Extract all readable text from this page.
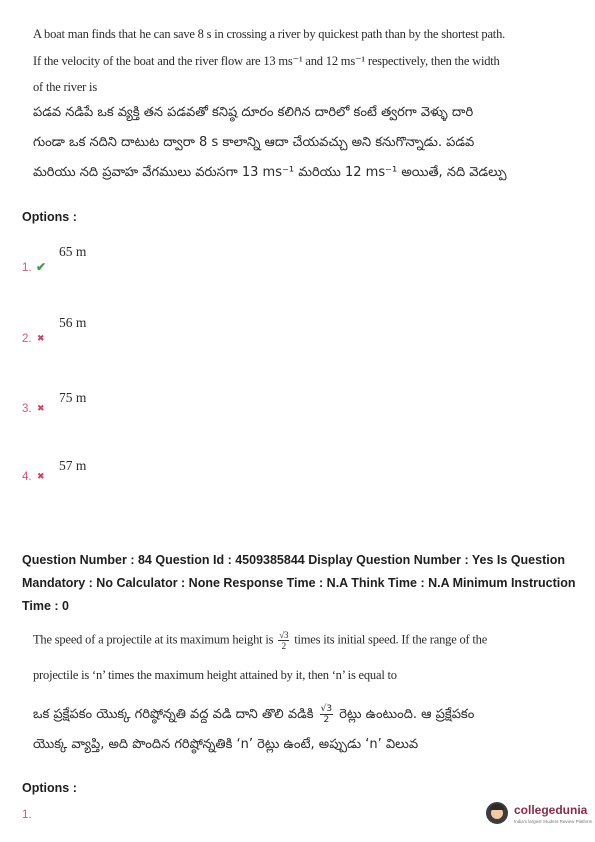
A boat man finds that he can save 8 s in crossing a river by quickest path than by the shortest path.
If the velocity of the boat and the river flow are 13 ms⁻¹ and 12 ms⁻¹ respectively, then the width
of the river is
పడవ నడిపే ఒక వ్యక్తి తన పడవతో కనిష్ఠ దూరం కలిగిన దారిలో కంటే త్వరగా వెళ్ళు దారి
గుండా ఒక నదిని దాటుట ద్వారా 8 s కాలాన్ని ఆదా చేయవచ్చు అని కనుగొన్నాడు. పడవ
మరియు నది ప్రవాహ వేగములు వరుసగా 13 ms⁻¹ మరియు 12 ms⁻¹ అయితే, నది వెడల్పు
Options :
65 m
1. ✔
56 m
2. ✖
75 m
3. ✖
57 m
4. ✖
Question Number : 84 Question Id : 4509385844 Display Question Number : Yes Is Question Mandatory : No Calculator : None Response Time : N.A Think Time : N.A Minimum Instruction Time : 0
The speed of a projectile at its maximum height is $\frac{√3}{2}$ times its initial speed. If the range of the
projectile is ‘n’ times the maximum height attained by it, then ‘n’ is equal to
ఒక ప్రక్షేపకం యొక్క గరిష్ఠోన్నతి వద్ద వడి దాని తొలి వడికి $\frac{√3}{2}$ రెట్లు ఉంటుంది. ఆ ప్రక్షేపకం
యొక్క వ్యాప్తి, అది పొందిన గరిష్ఠోన్నతికి ‘n’ రెట్లు ఉంటే, అప్పుడు ‘n’ విలువ
Options :
1.	collegedunia
India's largest Student Review Platform
